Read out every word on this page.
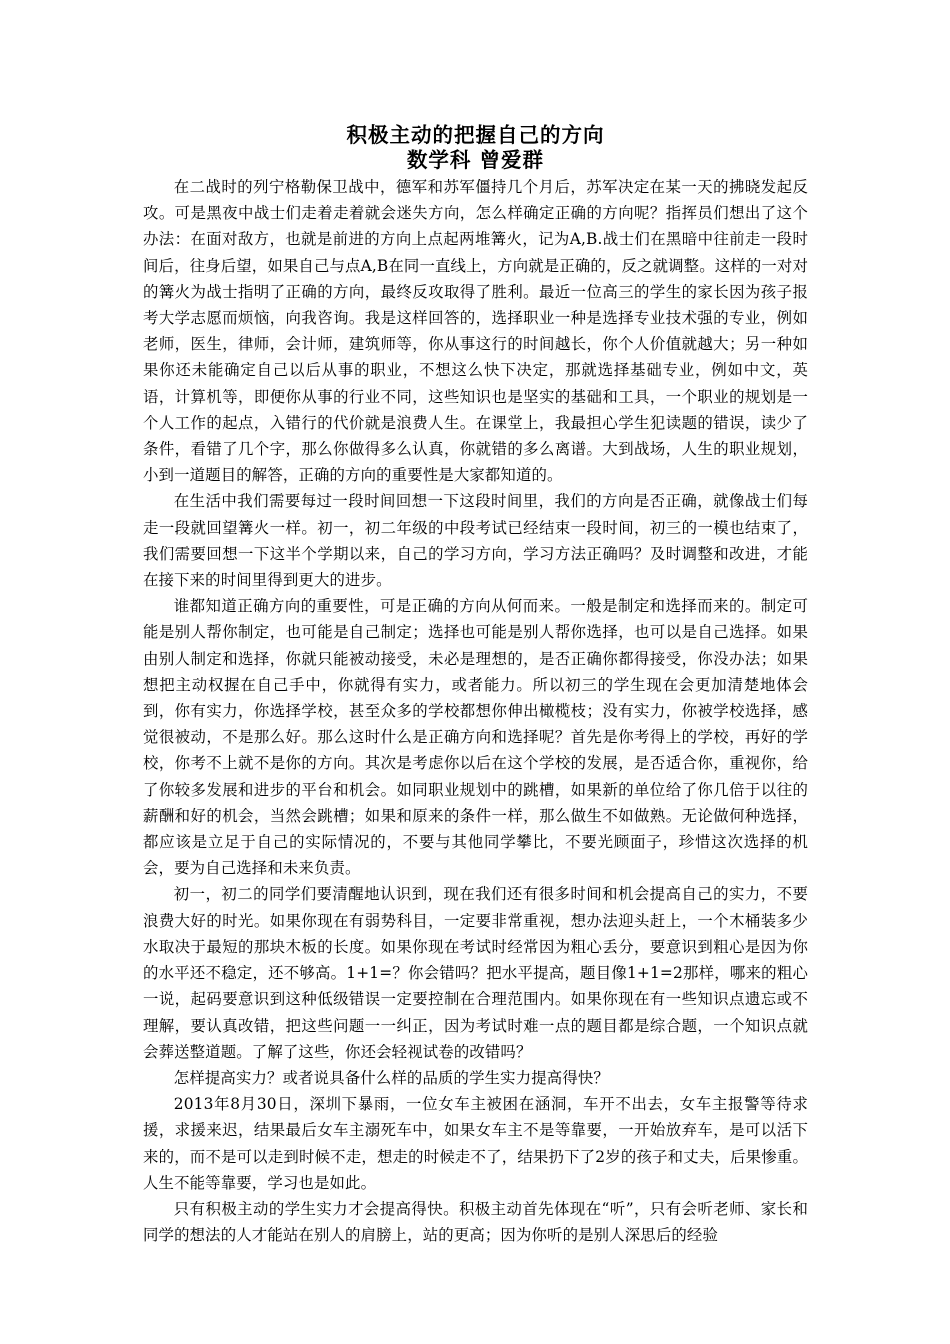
积极主动的把握自己的方向
数学科 曾爱群

在二战时的列宁格勒保卫战中，德军和苏军僵持几个月后，苏军决定在某一天的拂晓发起反攻。可是黑夜中战士们走着走着就会迷失方向，怎么样确定正确的方向呢？指挥员们想出了这个办法：在面对敌方，也就是前进的方向上点起两堆篝火，记为A,B.战士们在黑暗中往前走一段时间后，往身后望，如果自己与点A,B在同一直线上，方向就是正确的，反之就调整。这样的一对对的篝火为战士指明了正确的方向，最终反攻取得了胜利。最近一位高三的学生的家长因为孩子报考大学志愿而烦恼，向我咨询。我是这样回答的，选择职业一种是选择专业技术强的专业，例如老师，医生，律师，会计师，建筑师等，你从事这行的时间越长，你个人价值就越大；另一种如果你还未能确定自己以后从事的职业，不想这么快下决定，那就选择基础专业，例如中文，英语，计算机等，即便你从事的行业不同，这些知识也是坚实的基础和工具，一个职业的规划是一个人工作的起点，入错行的代价就是浪费人生。在课堂上，我最担心学生犯读题的错误，读少了条件，看错了几个字，那么你做得多么认真，你就错的多么离谱。大到战场，人生的职业规划，小到一道题目的解答，正确的方向的重要性是大家都知道的。

在生活中我们需要每过一段时间回想一下这段时间里，我们的方向是否正确，就像战士们每走一段就回望篝火一样。初一，初二年级的中段考试已经结束一段时间，初三的一模也结束了，我们需要回想一下这半个学期以来，自己的学习方向，学习方法正确吗？及时调整和改进，才能在接下来的时间里得到更大的进步。

谁都知道正确方向的重要性，可是正确的方向从何而来。一般是制定和选择而来的。制定可能是别人帮你制定，也可能是自己制定；选择也可能是别人帮你选择，也可以是自己选择。如果由别人制定和选择，你就只能被动接受，未必是理想的，是否正确你都得接受，你没办法；如果想把主动权握在自己手中，你就得有实力，或者能力。所以初三的学生现在会更加清楚地体会到，你有实力，你选择学校，甚至众多的学校都想你伸出橄榄枝；没有实力，你被学校选择，感觉很被动，不是那么好。那么这时什么是正确方向和选择呢？首先是你考得上的学校，再好的学校，你考不上就不是你的方向。其次是考虑你以后在这个学校的发展，是否适合你，重视你，给了你较多发展和进步的平台和机会。如同职业规划中的跳槽，如果新的单位给了你几倍于以往的薪酬和好的机会，当然会跳槽；如果和原来的条件一样，那么做生不如做熟。无论做何种选择，都应该是立足于自己的实际情况的，不要与其他同学攀比，不要光顾面子，珍惜这次选择的机会，要为自己选择和未来负责。

初一，初二的同学们要清醒地认识到，现在我们还有很多时间和机会提高自己的实力，不要浪费大好的时光。如果你现在有弱势科目，一定要非常重视，想办法迎头赶上，一个木桶装多少水取决于最短的那块木板的长度。如果你现在考试时经常因为粗心丢分，要意识到粗心是因为你的水平还不稳定，还不够高。1+1=？你会错吗？把水平提高，题目像1+1=2那样，哪来的粗心一说，起码要意识到这种低级错误一定要控制在合理范围内。如果你现在有一些知识点遗忘或不理解，要认真改错，把这些问题一一纠正，因为考试时难一点的题目都是综合题，一个知识点就会葬送整道题。了解了这些，你还会轻视试卷的改错吗？

怎样提高实力？或者说具备什么样的品质的学生实力提高得快？

2013年8月30日，深圳下暴雨，一位女车主被困在涵洞，车开不出去，女车主报警等待求援，求援来迟，结果最后女车主溺死车中，如果女车主不是等靠要，一开始放弃车，是可以活下来的，而不是可以走到时候不走，想走的时候走不了，结果扔下了2岁的孩子和丈夫，后果惨重。人生不能等靠要，学习也是如此。

只有积极主动的学生实力才会提高得快。积极主动首先体现在“听”，只有会听老师、家长和同学的想法的人才能站在别人的肩膀上，站的更高；因为你听的是别人深思后的经验
